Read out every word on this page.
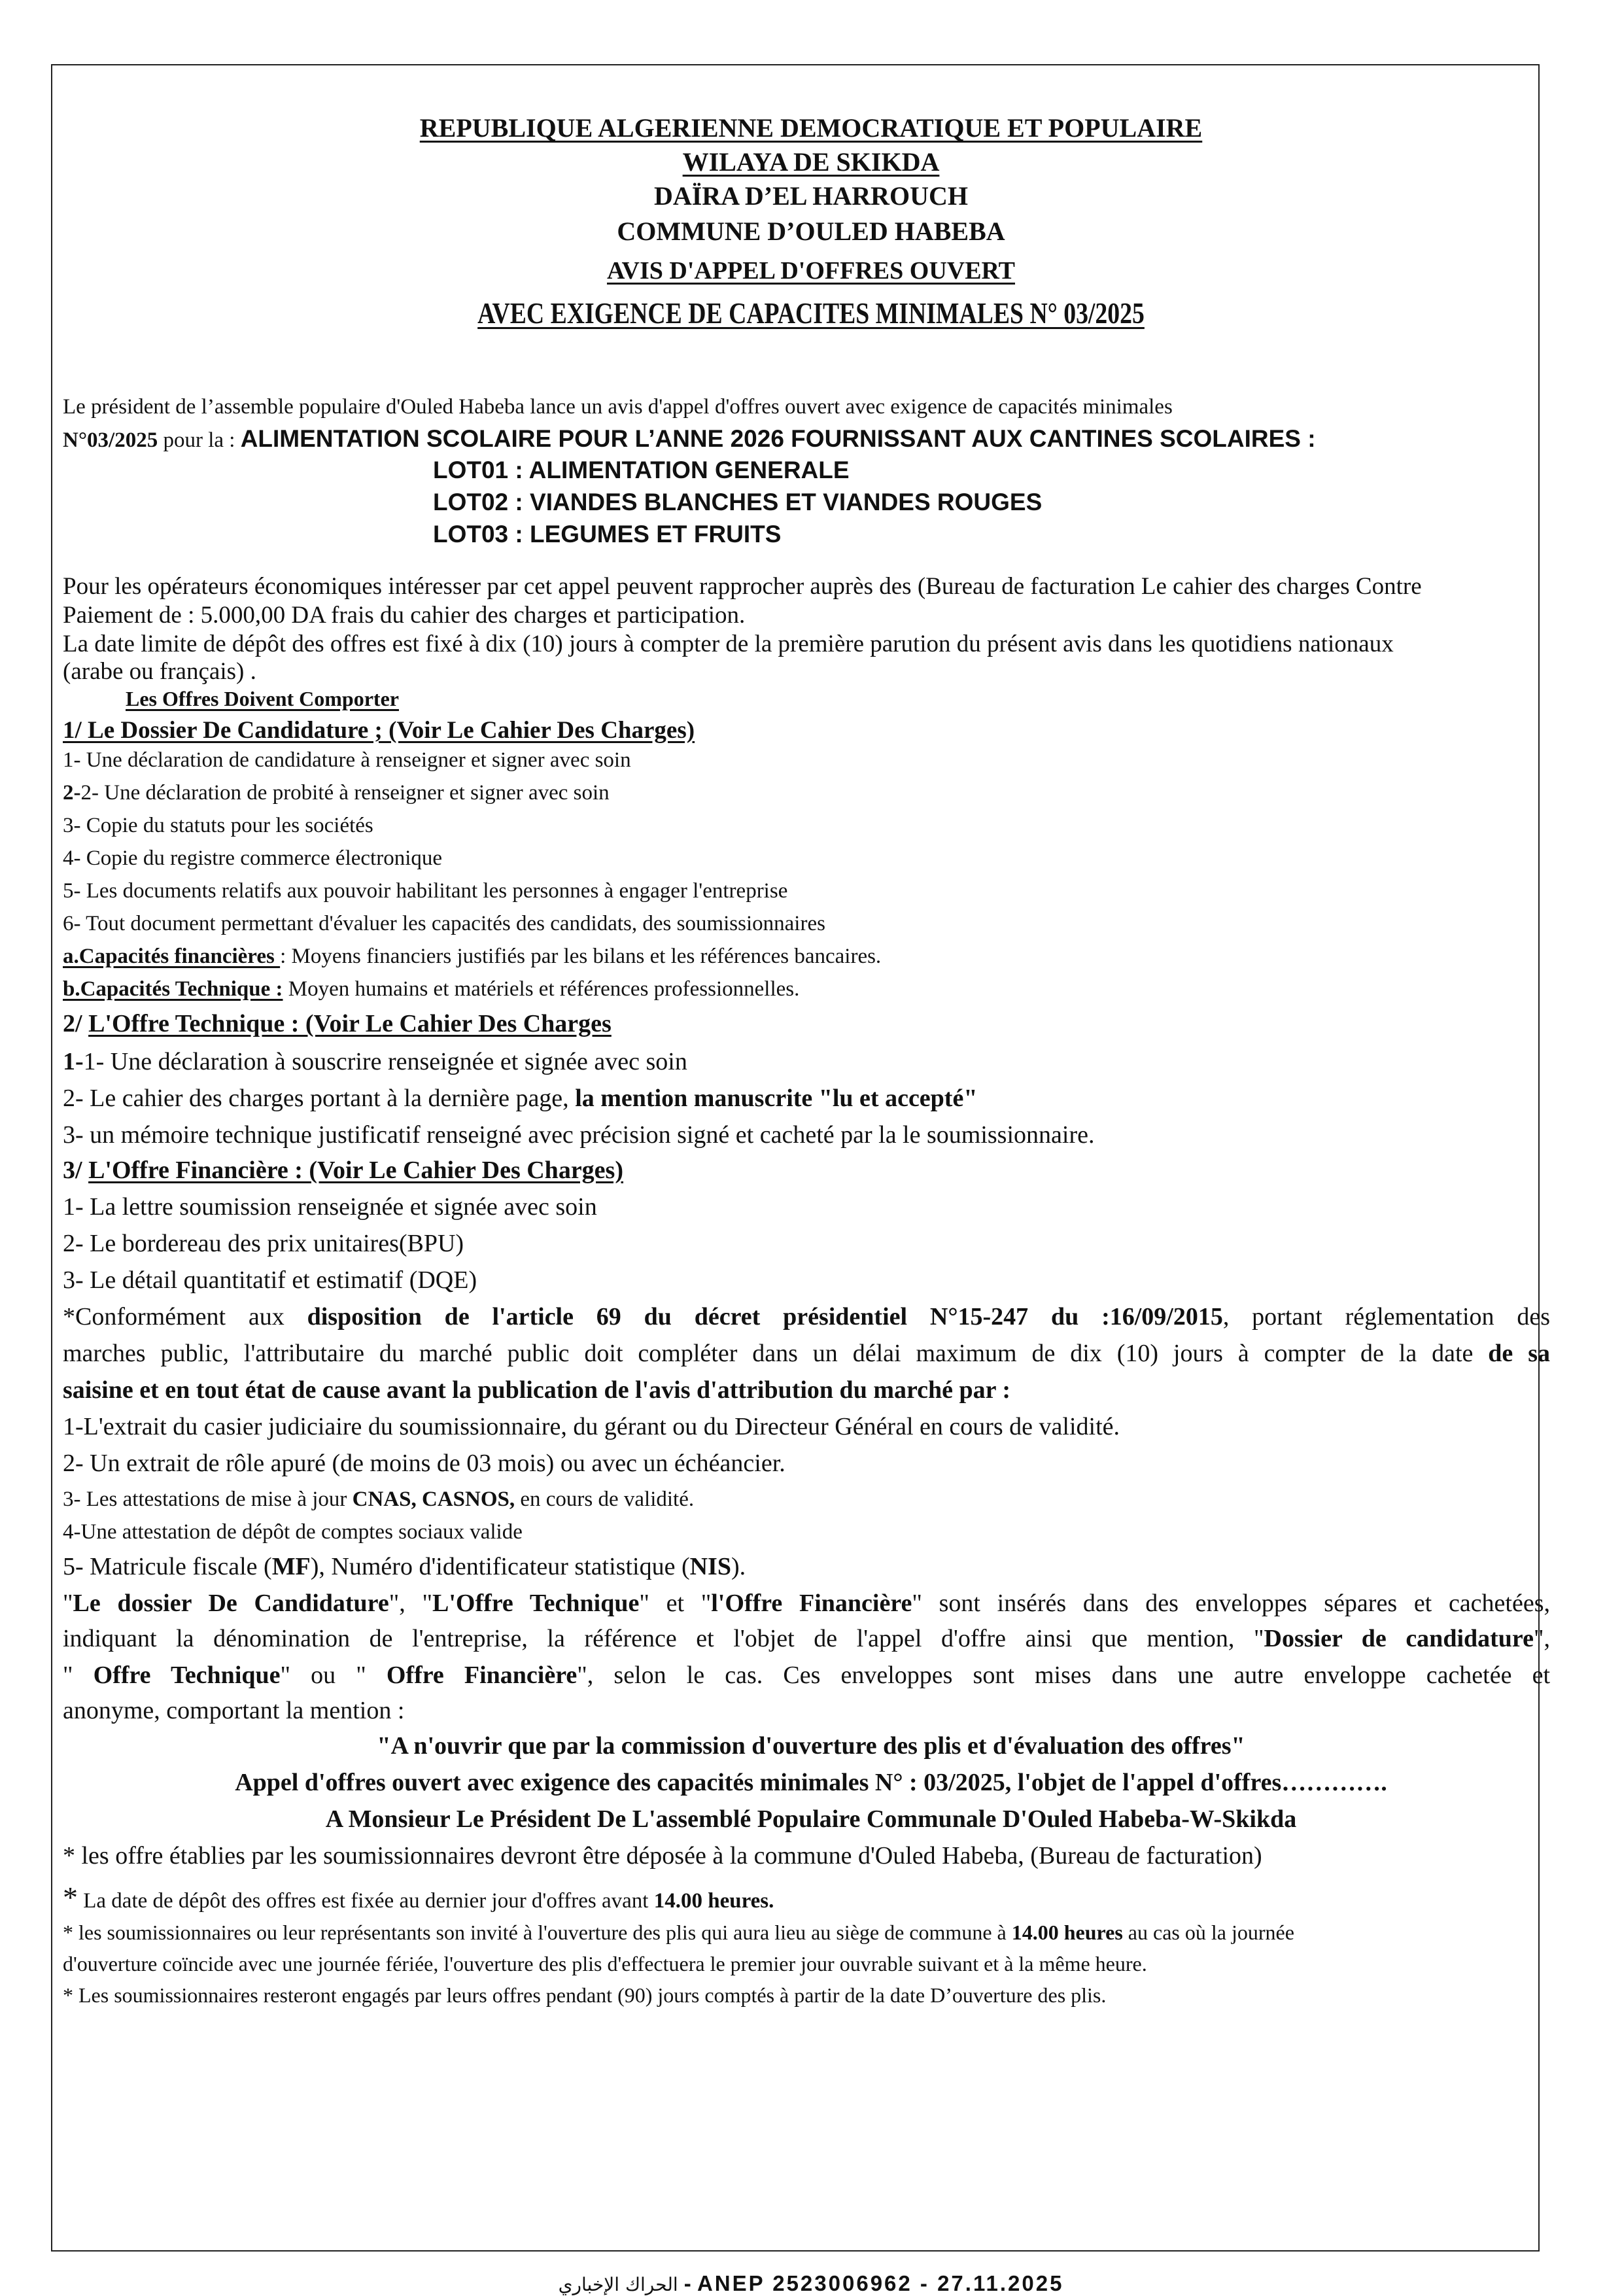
REPUBLIQUE ALGERIENNE DEMOCRATIQUE ET POPULAIRE
WILAYA DE SKIKDA
DAÏRA D’EL HARROUCH
COMMUNE D’OULED HABEBA
AVIS D'APPEL D'OFFRES OUVERT
AVEC EXIGENCE DE CAPACITES MINIMALES N° 03/2025
Le président de l’assemble populaire d'Ouled Habeba lance un avis d'appel d'offres ouvert avec exigence de capacités minimales
N°03/2025 pour la : ALIMENTATION SCOLAIRE POUR L’ANNE 2026 FOURNISSANT AUX CANTINES SCOLAIRES :
LOT01 : ALIMENTATION GENERALE
LOT02 : VIANDES BLANCHES ET VIANDES ROUGES
LOT03 : LEGUMES ET FRUITS
Pour les opérateurs économiques intéresser par cet appel peuvent rapprocher auprès des (Bureau de facturation Le cahier des charges Contre
Paiement de : 5.000,00 DA frais du cahier des charges et participation.
La date limite de dépôt des offres est fixé à dix (10) jours à compter de la première parution du présent avis dans les quotidiens nationaux
(arabe ou français) .
Les Offres Doivent Comporter
1/ Le Dossier De Candidature ; (Voir Le Cahier Des Charges)
1- Une déclaration de candidature à renseigner et signer avec soin
2-2- Une déclaration de probité à renseigner et signer avec soin
3- Copie du statuts pour les sociétés
4- Copie du registre commerce électronique
5- Les documents relatifs aux pouvoir habilitant les personnes à engager l'entreprise
6- Tout document permettant d'évaluer les capacités des candidats, des soumissionnaires
a.Capacités financières : Moyens financiers justifiés par les bilans et les références bancaires.
b.Capacités Technique : Moyen humains et matériels et références professionnelles.
2/ L'Offre Technique : (Voir Le Cahier Des Charges
1-1- Une déclaration à souscrire renseignée et signée avec soin
2- Le cahier des charges portant à la dernière page, la mention manuscrite "lu et accepté"
3- un mémoire technique justificatif renseigné avec précision signé et cacheté par la le soumissionnaire.
3/ L'Offre Financière : (Voir Le Cahier Des Charges)
1- La lettre soumission renseignée et signée avec soin
2- Le bordereau des prix unitaires(BPU)
3- Le détail quantitatif et estimatif (DQE)
*Conformément aux disposition de l'article 69 du décret présidentiel N°15-247 du :16/09/2015, portant réglementation des
marches public, l'attributaire du marché public doit compléter dans un délai maximum de dix (10) jours à compter de la date de sa
saisine et en tout état de cause avant la publication de l'avis d'attribution du marché par :
1-L'extrait du casier judiciaire du soumissionnaire, du gérant ou du Directeur Général en cours de validité.
2- Un extrait de rôle apuré (de moins de 03 mois) ou avec un échéancier.
3- Les attestations de mise à jour CNAS, CASNOS, en cours de validité.
4-Une attestation de dépôt de comptes sociaux valide
5- Matricule fiscale (MF), Numéro d'identificateur statistique (NIS).
"Le dossier De Candidature", "L'Offre Technique" et "l'Offre Financière" sont insérés dans des enveloppes sépares et cachetées,
indiquant la dénomination de l'entreprise, la référence et l'objet de l'appel d'offre ainsi que mention, "Dossier de candidature",
" Offre Technique" ou " Offre Financière", selon le cas. Ces enveloppes sont mises dans une autre enveloppe cachetée et
anonyme, comportant la mention :
"A n'ouvrir que par la commission d'ouverture des plis et d'évaluation des offres"
Appel d'offres ouvert avec exigence des capacités minimales N° : 03/2025, l'objet de l'appel d'offres………….
A Monsieur Le Président De L'assemblé Populaire Communale D'Ouled Habeba-W-Skikda
* les offre établies par les soumissionnaires devront être déposée à la commune d'Ouled Habeba, (Bureau de facturation)
* La date de dépôt des offres est fixée au dernier jour d'offres avant 14.00 heures.
* les soumissionnaires ou leur représentants son invité à l'ouverture des plis qui aura lieu au siège de commune à 14.00 heures au cas où la journée
d'ouverture coïncide avec une journée fériée, l'ouverture des plis d'effectuera le premier jour ouvrable suivant et à la même heure.
* Les soumissionnaires resteront engagés par leurs offres pendant (90) jours comptés à partir de la date D’ouverture des plis.
الحراك الإخباري - ANEP 2523006962 - 27.11.2025
